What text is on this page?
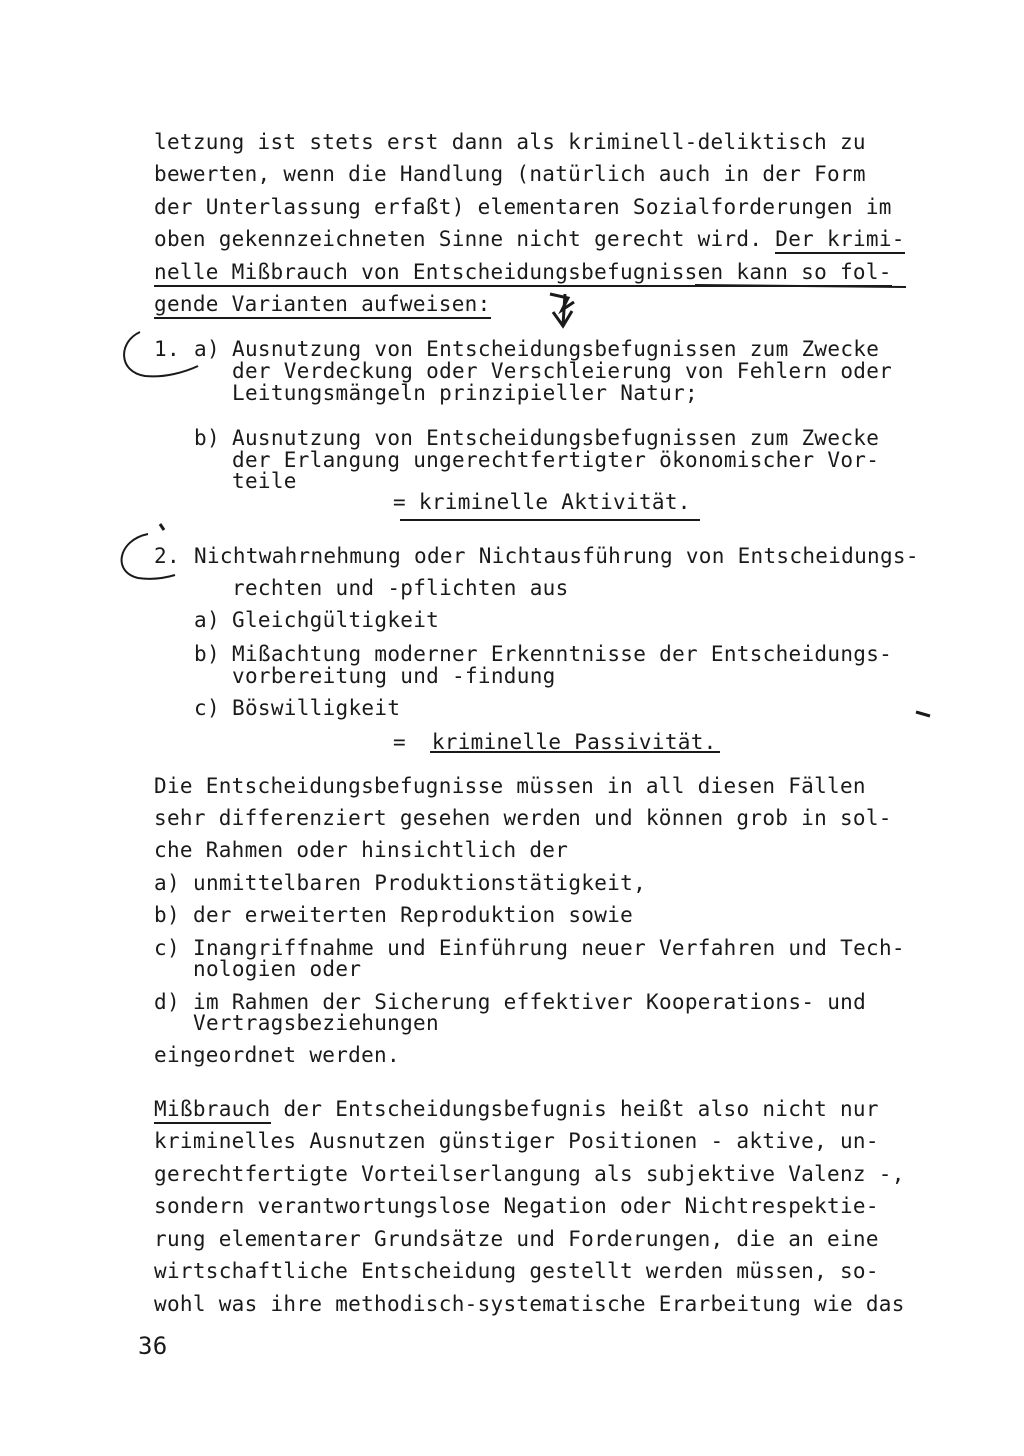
letzung ist stets erst dann als kriminell-deliktisch zu
bewerten, wenn die Handlung (natürlich auch in der Form
der Unterlassung erfaßt) elementaren Sozialforderungen im
oben gekennzeichneten Sinne nicht gerecht wird. Der krimi-
nelle Mißbrauch von Entscheidungsbefugnissen kann so fol-
gende Varianten aufweisen:
1. a) Ausnutzung von Entscheidungsbefugnissen zum Zwecke
der Verdeckung oder Verschleierung von Fehlern oder
Leitungsmängeln prinzipieller Natur;
b) Ausnutzung von Entscheidungsbefugnissen zum Zwecke
der Erlangung ungerechtfertigter ökonomischer Vor-
teile
= kriminelle Aktivität.
2. Nichtwahrnehmung oder Nichtausführung von Entscheidungs-
rechten und -pflichten aus
a) Gleichgültigkeit
b) Mißachtung moderner Erkenntnisse der Entscheidungs-
vorbereitung und -findung
c) Böswilligkeit
= kriminelle Passivität.
Die Entscheidungsbefugnisse müssen in all diesen Fällen
sehr differenziert gesehen werden und können grob in sol-
che Rahmen oder hinsichtlich der
a) unmittelbaren Produktionstätigkeit,
b) der erweiterten Reproduktion sowie
c) Inangriffnahme und Einführung neuer Verfahren und Tech-
nologien oder
d) im Rahmen der Sicherung effektiver Kooperations- und
Vertragsbeziehungen
eingeordnet werden.
Mißbrauch der Entscheidungsbefugnis heißt also nicht nur
kriminelles Ausnutzen günstiger Positionen - aktive, un-
gerechtfertigte Vorteilserlangung als subjektive Valenz -,
sondern verantwortungslose Negation oder Nichtrespektie-
rung elementarer Grundsätze und Forderungen, die an eine
wirtschaftliche Entscheidung gestellt werden müssen, so-
wohl was ihre methodisch-systematische Erarbeitung wie das
36
